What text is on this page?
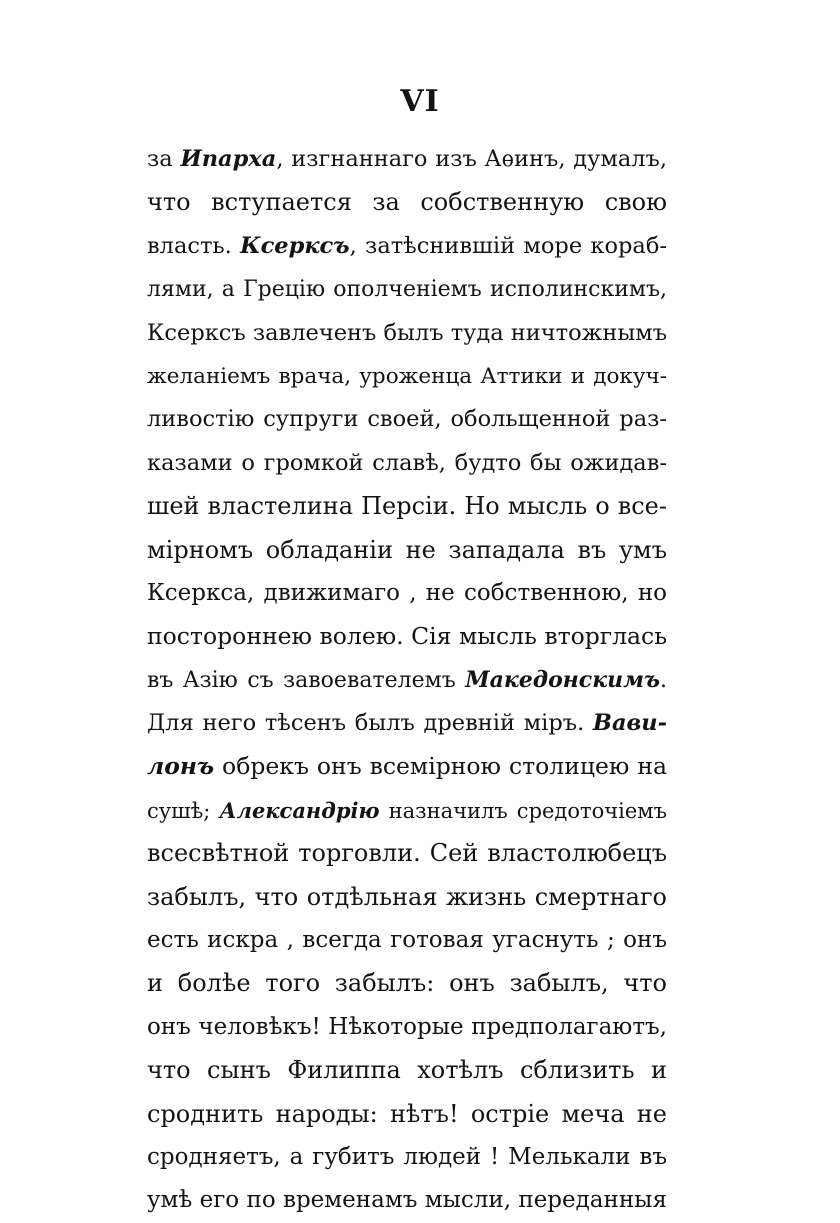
VI
за Ипарха, изгнаннаго изъ Аѳинъ, думалъ,
что вступается за собственную свою
власть. Ксерксъ, затѣснившій море кораб-
лями, а Грецію ополченіемъ исполинскимъ,
Ксерксъ завлеченъ былъ туда ничтожнымъ
желаніемъ врача, уроженца Аттики и докуч-
ливостію супруги своей, обольщенной раз-
казами о громкой славѣ, будто бы ожидав-
шей властелина Персіи. Но мысль о все-
мірномъ обладаніи не западала въ умъ
Ксеркса, движимаго , не собственною, но
постороннею волею. Сія мысль вторглась
въ Азію съ завоевателемъ Македонскимъ.
Для него тѣсенъ былъ древній міръ. Вави-
лонъ обрекъ онъ всемірною столицею на
сушѣ; Александрію назначилъ средоточіемъ
всесвѣтной торговли. Сей властолюбецъ
забылъ, что отдѣльная жизнь смертнаго
есть искра , всегда готовая угаснуть ; онъ
и болѣе того забылъ: онъ забылъ, что
онъ человѣкъ! Нѣкоторые предполагаютъ,
что сынъ Филиппа хотѣлъ сблизить и
сроднить народы: нѣтъ! остріе меча не
сродняетъ, а губитъ людей ! Мелькали въ
умѣ его по временамъ мысли, переданныя
